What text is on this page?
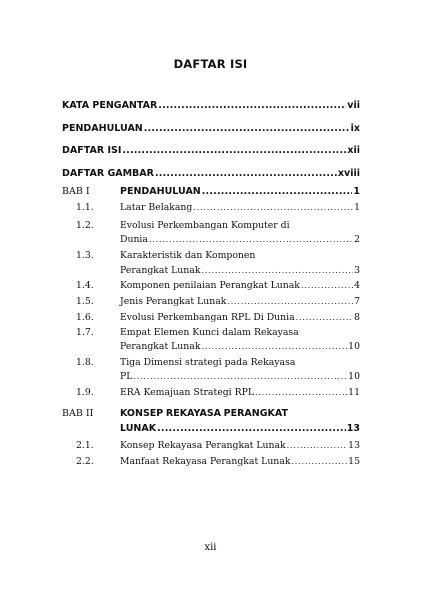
DAFTAR ISI
KATA PENGANTAR .....	vii
PENDAHULUAN .....	ix
DAFTAR ISI .....	xii
DAFTAR GAMBAR .....	xviii
BAB I	PENDAHULUAN .....	1
1.1.	Latar Belakang .....	1
1.2.	Evolusi Perkembangan Komputer di
Dunia .....	2
1.3.	Karakteristik dan Komponen
Perangkat Lunak .....	3
1.4.	Komponen penilaian Perangkat Lunak .....	4
1.5.	Jenis Perangkat Lunak .....	7
1.6.	Evolusi Perkembangan RPL Di Dunia .....	8
1.7.	Empat Elemen Kunci dalam Rekayasa
Perangkat Lunak .....	10
1.8.	Tiga Dimensi strategi pada Rekayasa
PL .....	10
1.9.	ERA Kemajuan Strategi RPL .....	11
BAB II	KONSEP REKAYASA PERANGKAT
LUNAK .....	13
2.1.	Konsep Rekayasa Perangkat Lunak .....	13
2.2.	Manfaat Rekayasa Perangkat Lunak .....	15
xii
